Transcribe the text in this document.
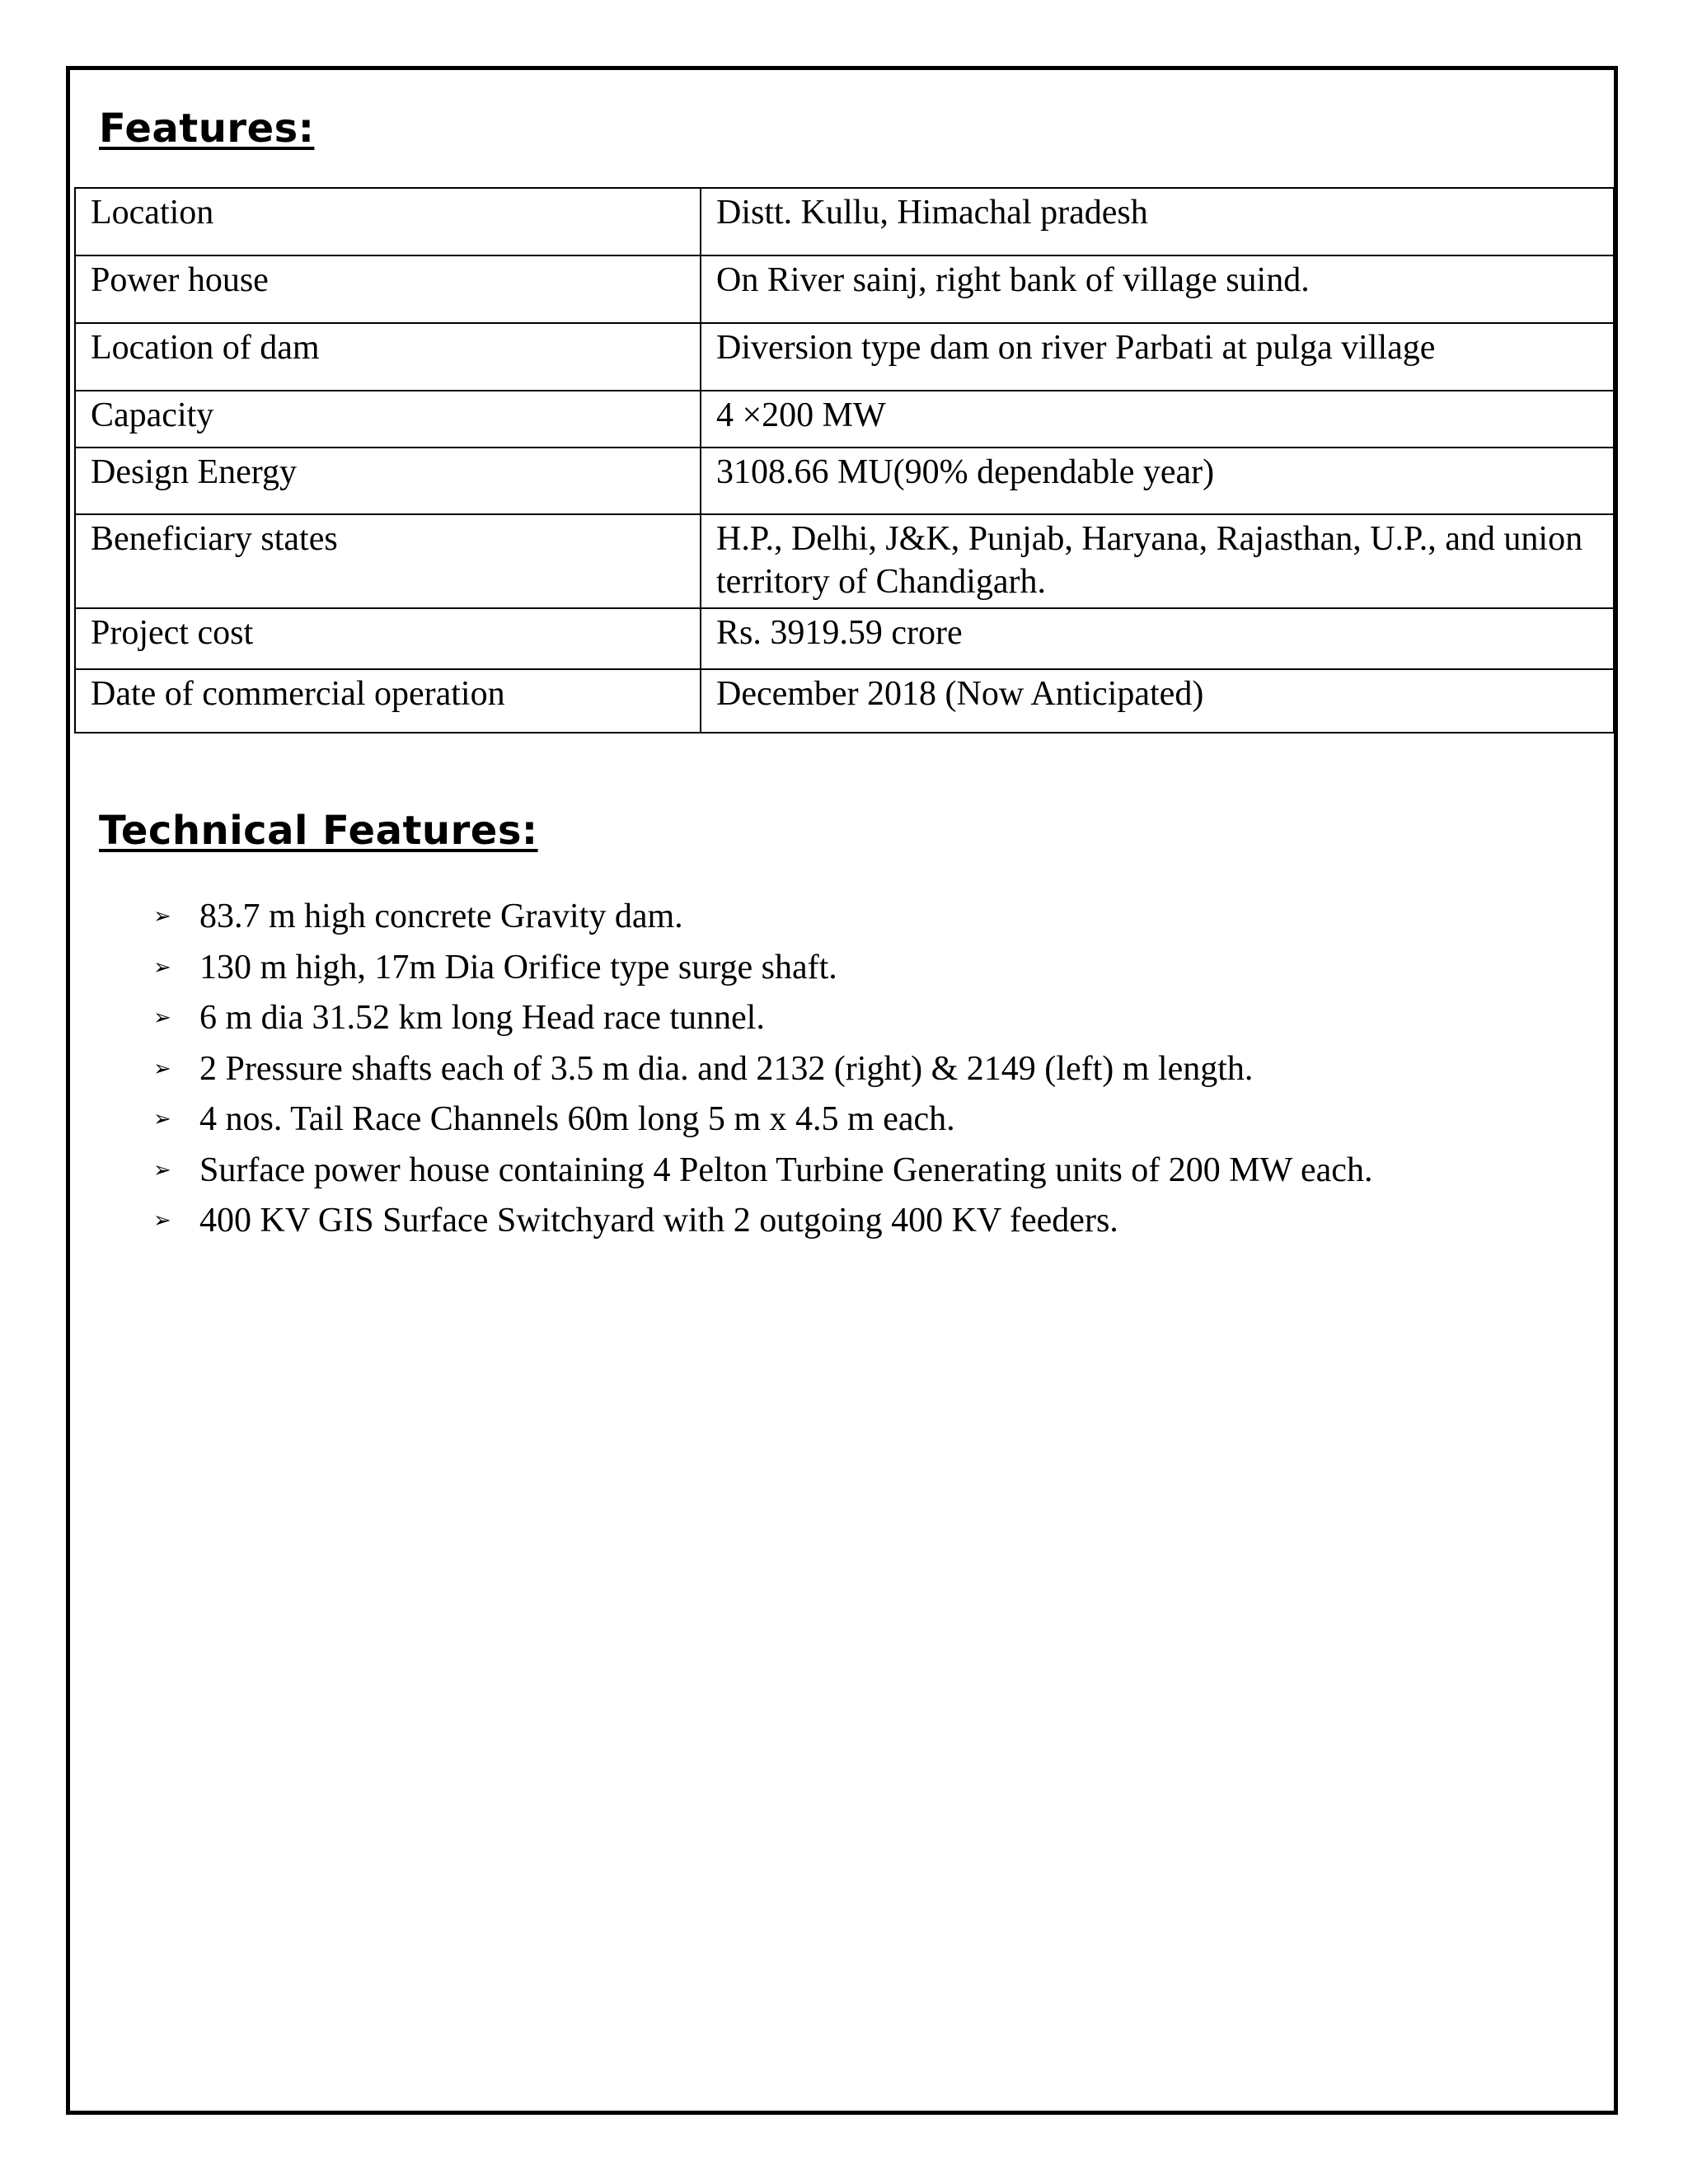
Features:
Location	Distt. Kullu, Himachal pradesh
Power house	On River sainj, right bank of village suind.
Location of dam	Diversion type dam on river Parbati at pulga village
Capacity	4 ×200 MW
Design Energy	3108.66 MU(90% dependable year)
Beneficiary states	H.P., Delhi, J&K, Punjab, Haryana, Rajasthan, U.P., and union territory of Chandigarh.
Project cost	Rs. 3919.59 crore
Date of commercial operation	December 2018 (Now Anticipated)
Technical Features:
➢ 83.7 m high concrete Gravity dam.
➢ 130 m high, 17m Dia Orifice type surge shaft.
➢ 6 m dia 31.52 km long Head race tunnel.
➢ 2 Pressure shafts each of 3.5 m dia. and 2132 (right) & 2149 (left) m length.
➢ 4 nos. Tail Race Channels 60m long 5 m x 4.5 m each.
➢ Surface power house containing 4 Pelton Turbine Generating units of 200 MW each.
➢ 400 KV GIS Surface Switchyard with 2 outgoing 400 KV feeders.
